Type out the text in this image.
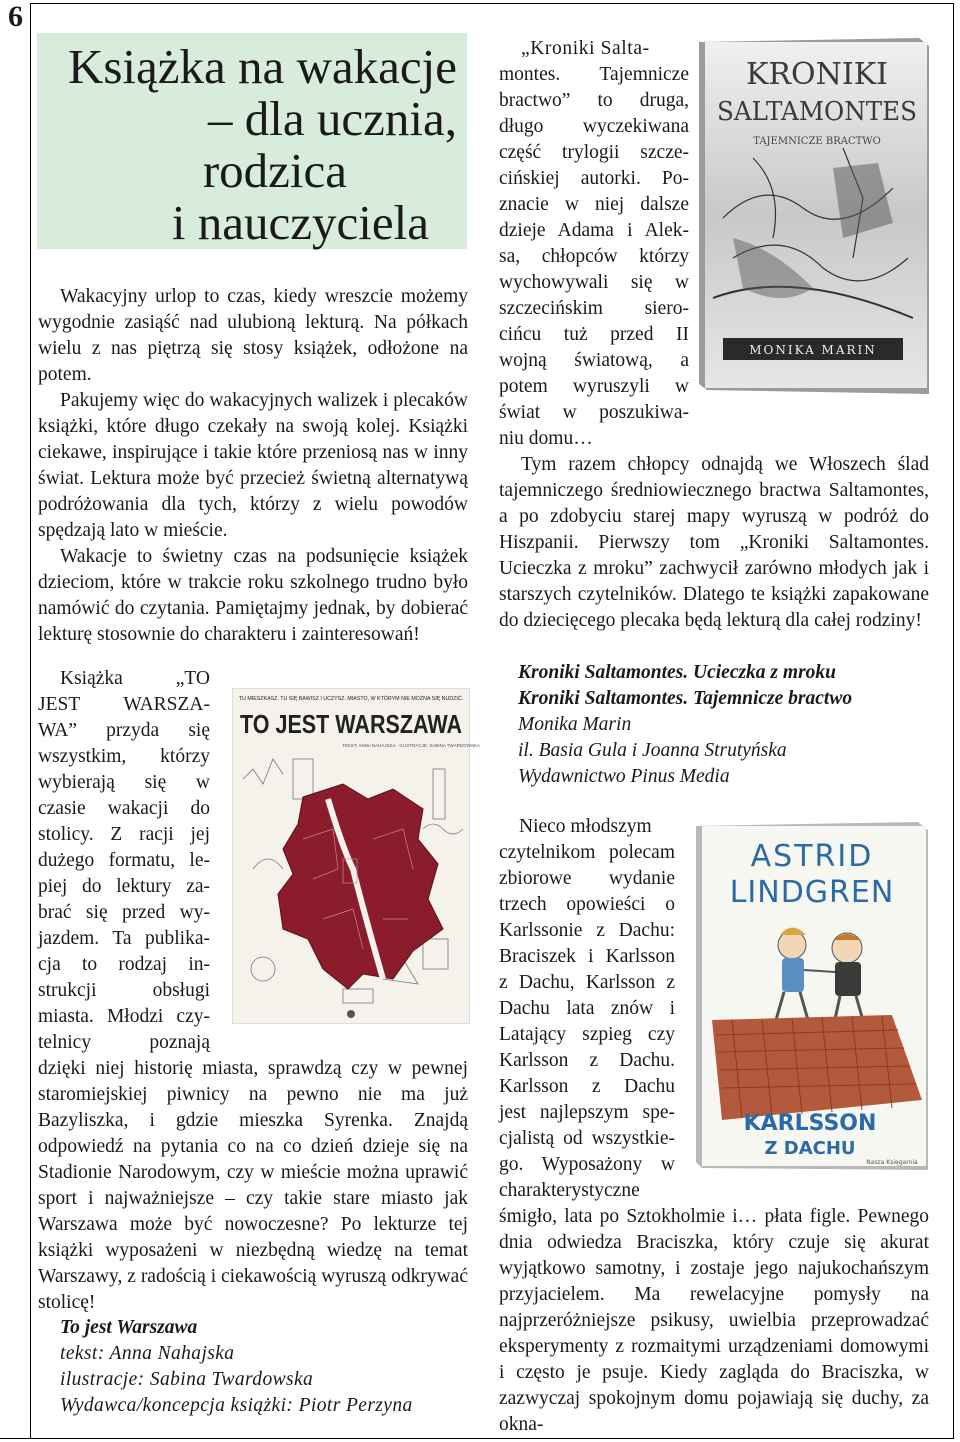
6
Książka na wakacje
– dla ucznia,
rodzica
i nauczyciela

Wakacyjny urlop to czas, kiedy wreszcie możemy wygodnie zasiąść nad ulubioną lekturą. Na półkach wielu z nas piętrzą się stosy książek, odłożone na potem.

Pakujemy więc do wakacyjnych walizek i plecaków książki, które długo czekały na swoją kolej. Książki ciekawe, inspirujące i takie które przeniosą nas w inny świat. Lektura może być przecież świetną alternatywą podróżowania dla tych, którzy z wielu powodów spędzają lato w mieście.

Wakacje to świetny czas na podsunięcie książek dzieciom, które w trakcie roku szkolnego trudno było namówić do czytania. Pamiętajmy jednak, by dobierać lekturę stosownie do charakteru i zainteresowań!

Książka „TO
JEST WARSZA-
WA” przyda się
wszystkim, którzy
wybierają się w
czasie wakacji do
stolicy. Z racji jej
dużego formatu, le-
piej do lektury za-
brać się przed wy-
jazdem. Ta publika-
cja to rodzaj in-
strukcji obsługi
miasta. Młodzi czy-
telnicy poznają

dzięki niej historię miasta, sprawdzą czy w pewnej staromiejskiej piwnicy na pewno nie ma już Bazyliszka, i gdzie mieszka Syrenka. Znajdą odpowiedź na pytania co na co dzień dzieje się na Stadionie Narodowym, czy w mieście można uprawić sport i najważniejsze – czy takie stare miasto jak Warszawa może być nowoczesne? Po lekturze tej książki wyposażeni w niezbędną wiedzę na temat Warszawy, z radością i ciekawością wyruszą odkrywać stolicę!

To jest Warszawa
tekst: Anna Nahajska
ilustracje: Sabina Twardowska
Wydawca/koncepcja książki: Piotr Perzyna
TU MIESZKASZ. TU SIĘ BAWISZ I UCZYSZ. MIASTO, W KTÓRYM NIE MOŻNA SIĘ NUDZIĆ.
TO JEST WARSZAWA
TEKST: ANNA NAHAJSKA · ILUSTRACJE: SABINA TWARDOWSKA
KRONIKI
SALTAMONTES
TAJEMNICZE BRACTWO
MONIKA MARIN
„Kroniki Salta-
montes. Tajemnicze
bractwo” to druga,
długo wyczekiwana
część trylogii szcze-
cińskiej autorki. Po-
znacie w niej dalsze
dzieje Adama i Alek-
sa, chłopców którzy
wychowywali się w
szczecińskim siero-
cińcu tuż przed II
wojną światową, a
potem wyruszyli w
świat w poszukiwa-
niu domu…

Tym razem chłopcy odnajdą we Włoszech ślad tajemniczego średniowiecznego bractwa Saltamontes, a po zdobyciu starej mapy wyruszą w podróż do Hiszpanii. Pierwszy tom „Kroniki Saltamontes. Ucieczka z mroku” zachwycił zarówno młodych jak i starszych czytelników. Dlatego te książki zapakowane do dziecięcego plecaka będą lekturą dla całej rodziny!

Kroniki Saltamontes. Ucieczka z mroku
Kroniki Saltamontes. Tajemnicze bractwo
Monika Marin
il. Basia Gula i Joanna Strutyńska
Wydawnictwo Pinus Media
ASTRID
LINDGREN
KARLSSON
Z DACHU
Nasza Księgarnia
Nieco młodszym
czytelnikom polecam
zbiorowe wydanie
trzech opowieści o
Karlssonie z Dachu:
Braciszek i Karlsson
z Dachu, Karlsson z
Dachu lata znów i
Latający szpieg czy
Karlsson z Dachu.
Karlsson z Dachu
jest najlepszym spe-
cjalistą od wszystkie-
go. Wyposażony w
charakterystyczne

śmigło, lata po Sztokholmie i… płata figle. Pewnego dnia odwiedza Braciszka, który czuje się akurat wyjątkowo samotny, i zostaje jego najukochańszym przyjacielem. Ma rewelacyjne pomysły na najprzeróżniejsze psikusy, uwielbia przeprowadzać eksperymenty z rozmaitymi urządzeniami domowymi i często je psuje. Kiedy zagląda do Braciszka, w zazwyczaj spokojnym domu pojawiają się duchy, za okna-
